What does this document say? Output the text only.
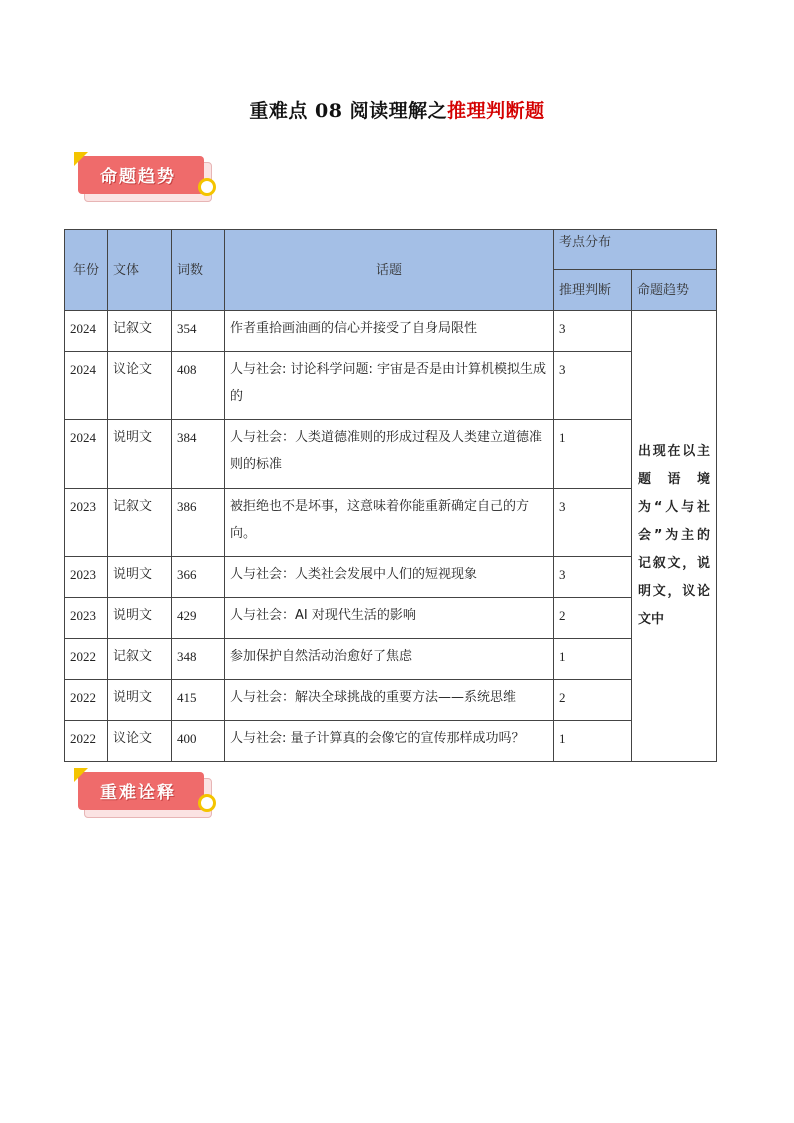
重难点 08 阅读理解之推理判断题
命题趋势
年份	文体	词数	话题	考点分布	
				推理判断	命题趋势
2024	记叙文	354	作者重拾画油画的信心并接受了自身局限性	3	出现在以主题语境为“人与社会”为主的记叙文，说明文，议论文中
2024	议论文	408	人与社会: 讨论科学问题: 宇宙是否是由计算机模拟生成的	3	
2024	说明文	384	人与社会：人类道德准则的形成过程及人类建立道德准则的标准	1	
2023	记叙文	386	被拒绝也不是坏事，这意味着你能重新确定自己的方向。	3	
2023	说明文	366	人与社会：人类社会发展中人们的短视现象	3	
2023	说明文	429	人与社会：AI 对现代生活的影响	2	
2022	记叙文	348	参加保护自然活动治愈好了焦虑	1	
2022	说明文	415	人与社会：解决全球挑战的重要方法——系统思维	2	
2022	议论文	400	人与社会: 量子计算真的会像它的宣传那样成功吗？	1	
重难诠释
